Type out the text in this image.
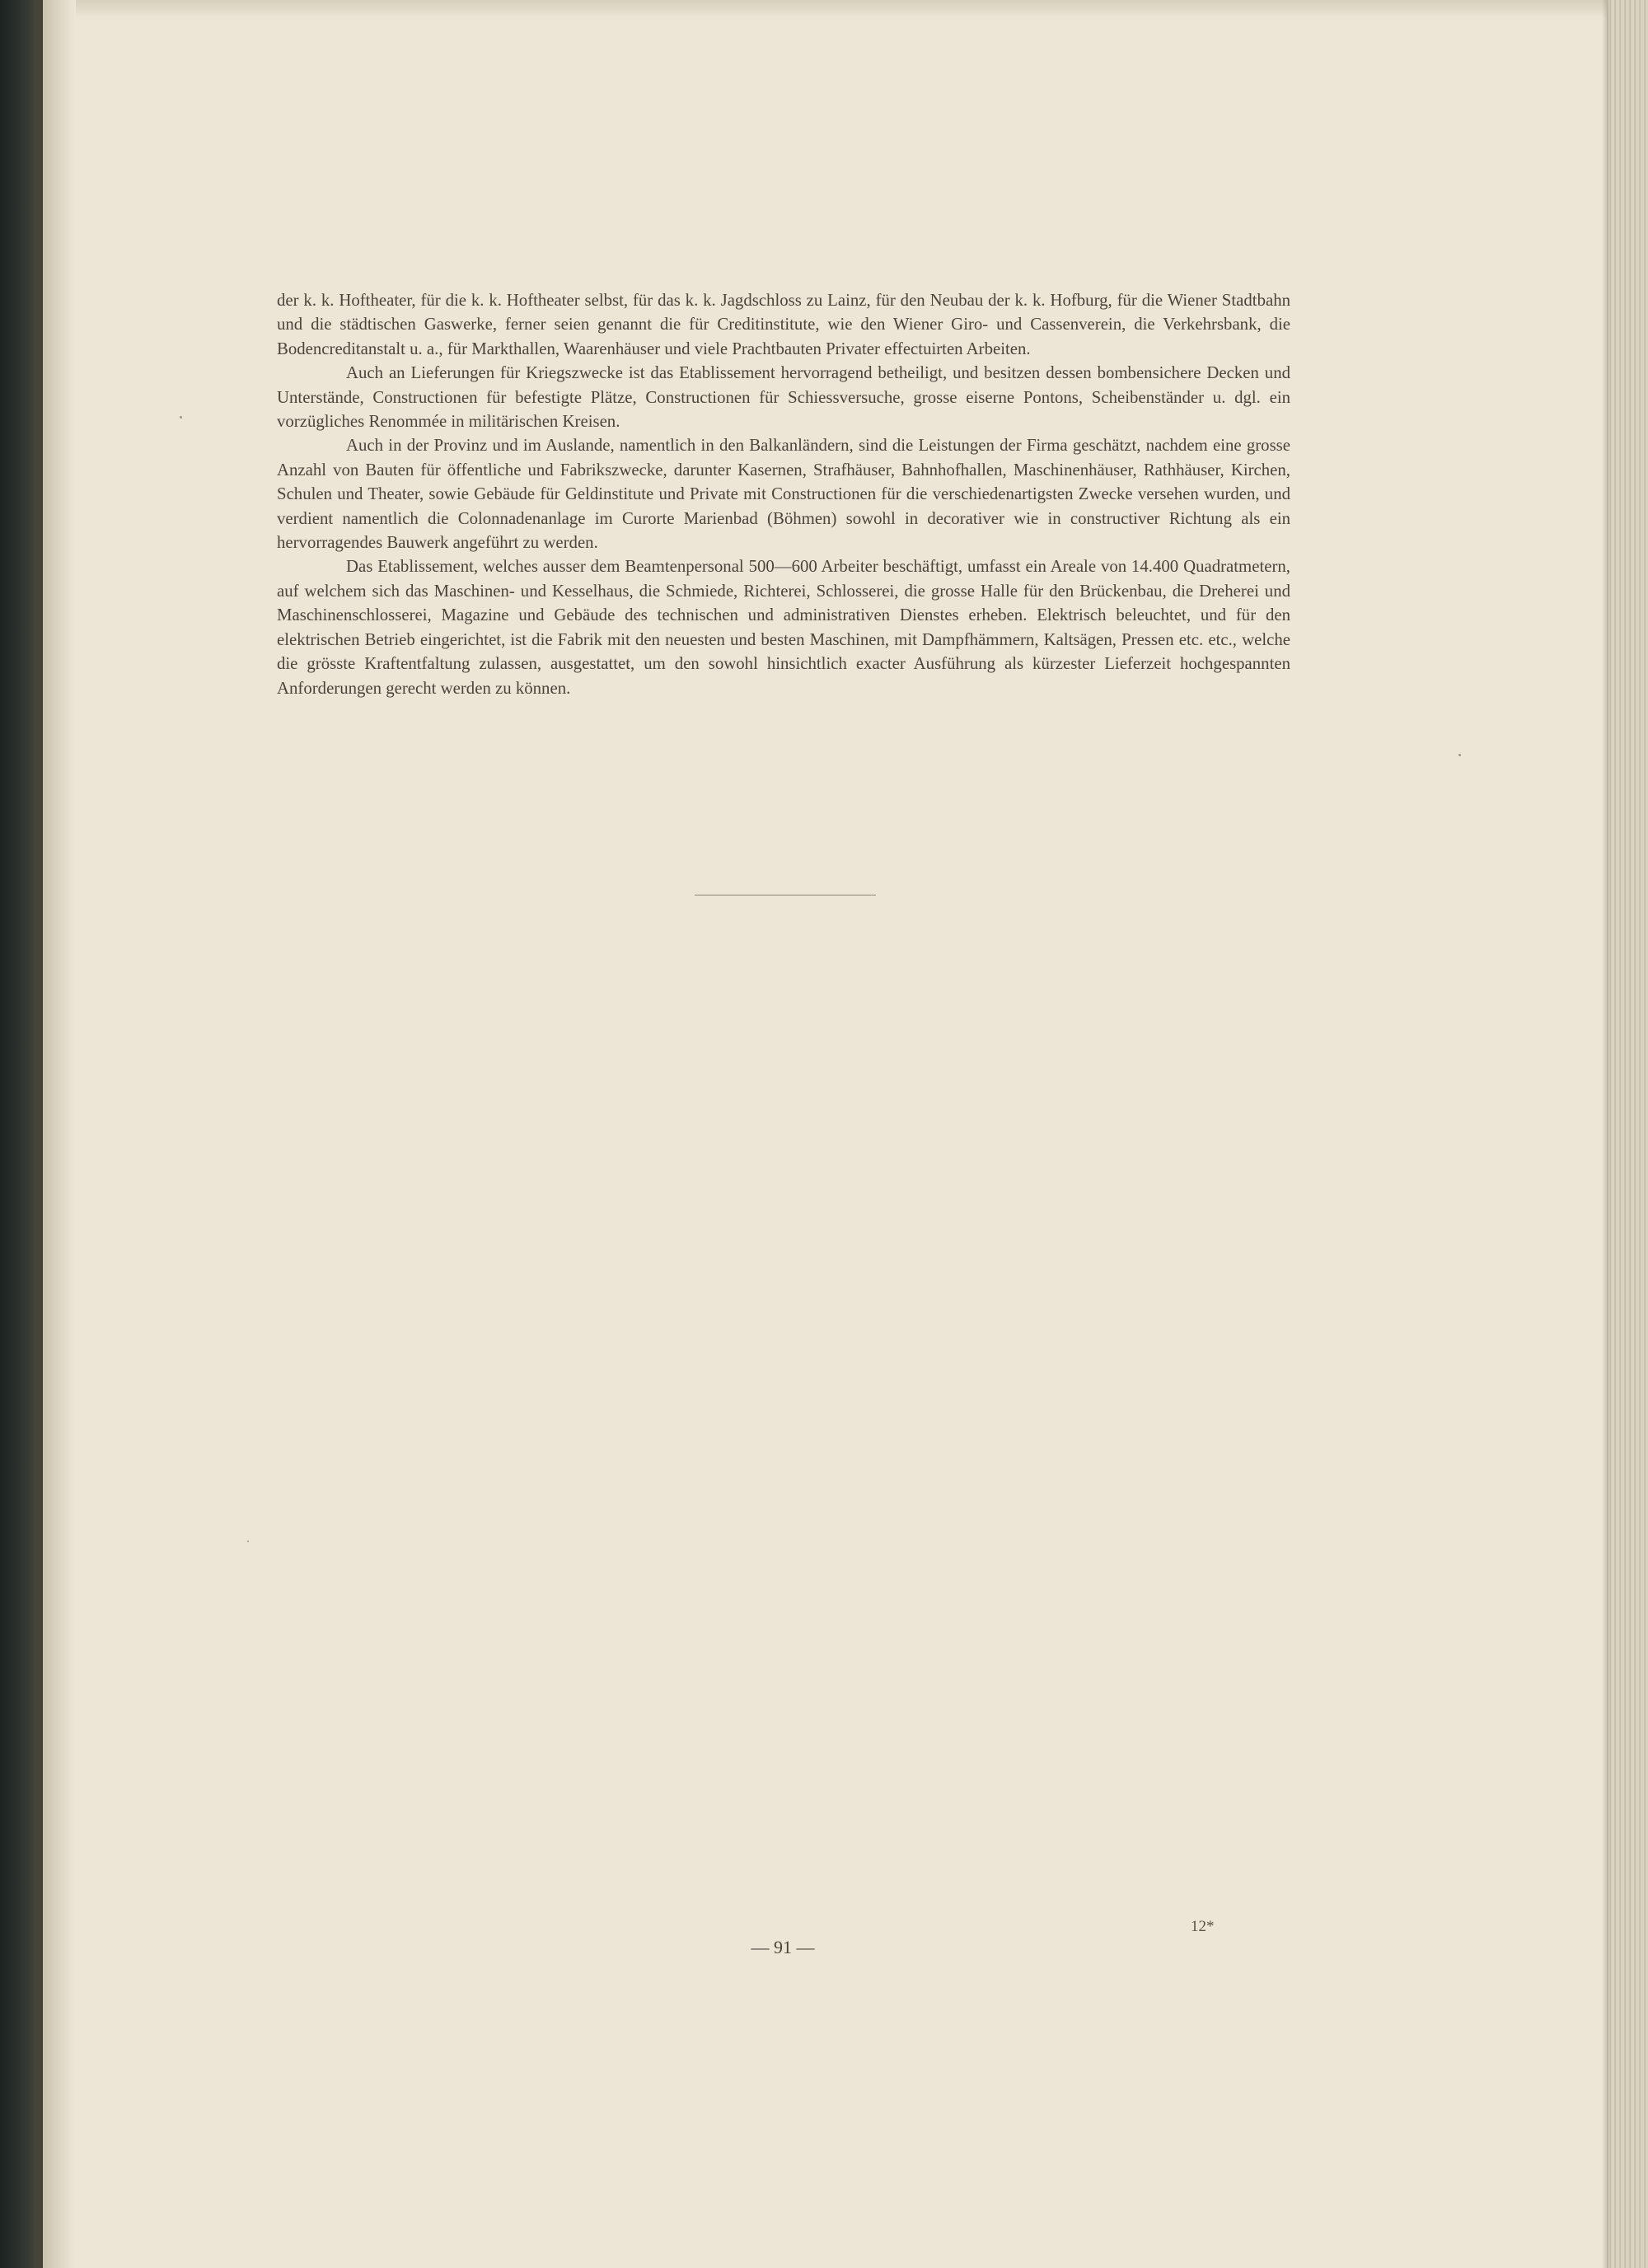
der k. k. Hoftheater, für die k. k. Hoftheater selbst, für das k. k. Jagdschloss zu Lainz, für den Neubau der k. k. Hofburg, für die Wiener Stadtbahn und die städtischen Gaswerke, ferner seien genannt die für Creditinstitute, wie den Wiener Giro- und Cassenverein, die Verkehrsbank, die Bodencreditanstalt u. a., für Markthallen, Waarenhäuser und viele Prachtbauten Privater effectuirten Arbeiten.

Auch an Lieferungen für Kriegszwecke ist das Etablissement hervorragend betheiligt, und besitzen dessen bombensichere Decken und Unterstände, Constructionen für befestigte Plätze, Constructionen für Schiessversuche, grosse eiserne Pontons, Scheibenständer u. dgl. ein vorzügliches Renommée in militärischen Kreisen.

Auch in der Provinz und im Auslande, namentlich in den Balkanländern, sind die Leistungen der Firma geschätzt, nachdem eine grosse Anzahl von Bauten für öffentliche und Fabrikszwecke, darunter Kasernen, Strafhäuser, Bahnhofhallen, Maschinenhäuser, Rathhäuser, Kirchen, Schulen und Theater, sowie Gebäude für Geldinstitute und Private mit Constructionen für die verschiedenartigsten Zwecke versehen wurden, und verdient namentlich die Colonnadenanlage im Curorte Marienbad (Böhmen) sowohl in decorativer wie in constructiver Richtung als ein hervorragendes Bauwerk angeführt zu werden.

Das Etablissement, welches ausser dem Beamtenpersonal 500—600 Arbeiter beschäftigt, umfasst ein Areale von 14.400 Quadratmetern, auf welchem sich das Maschinen- und Kesselhaus, die Schmiede, Richterei, Schlosserei, die grosse Halle für den Brückenbau, die Dreherei und Maschinenschlosserei, Magazine und Gebäude des technischen und administrativen Dienstes erheben. Elektrisch beleuchtet, und für den elektrischen Betrieb eingerichtet, ist die Fabrik mit den neuesten und besten Maschinen, mit Dampfhämmern, Kaltsägen, Pressen etc. etc., welche die grösste Kraftentfaltung zulassen, ausgestattet, um den sowohl hinsichtlich exacter Ausführung als kürzester Lieferzeit hochgespannten Anforderungen gerecht werden zu können.

12*
— 91 —
